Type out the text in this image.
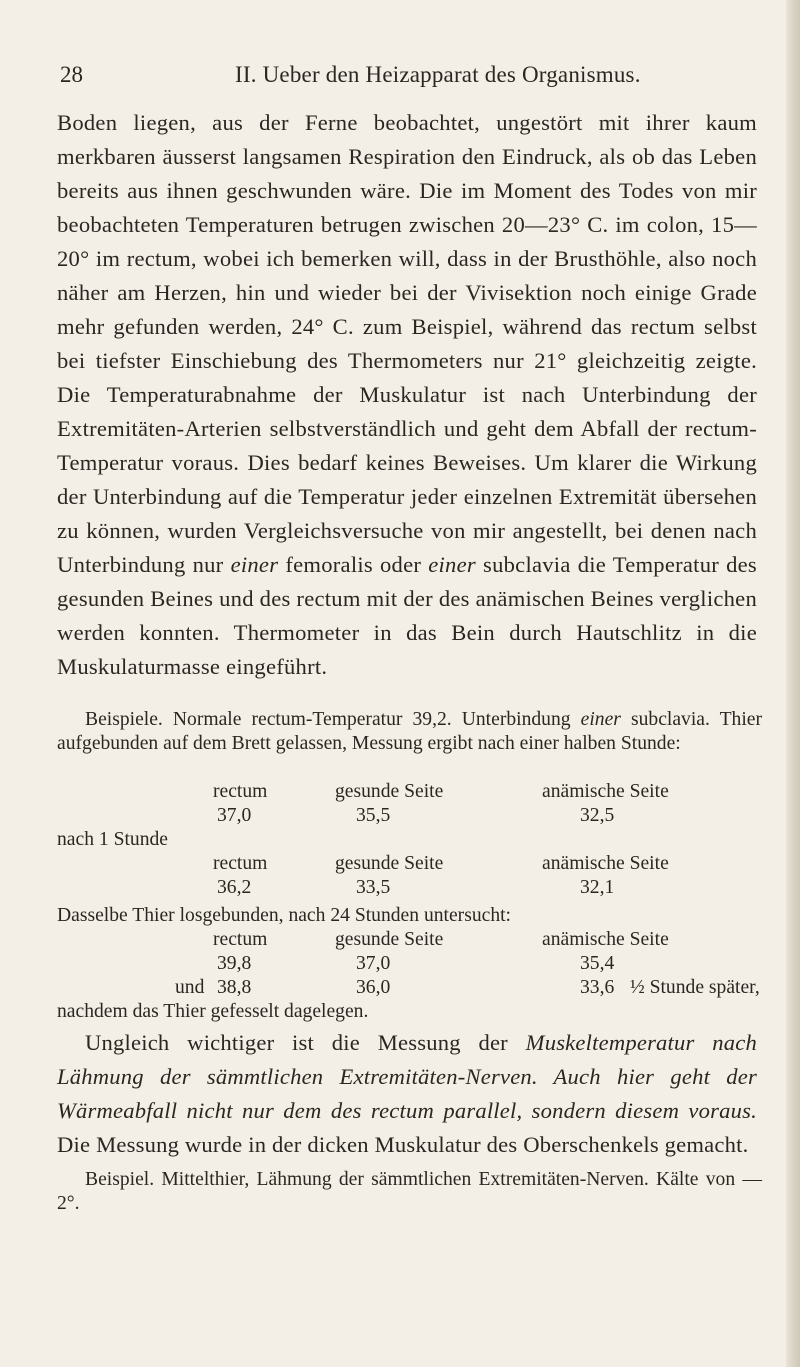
28	II. Ueber den Heizapparat des Organismus.

Boden liegen, aus der Ferne beobachtet, ungestört mit ihrer kaum merkbaren äusserst langsamen Respiration den Eindruck, als ob das Leben bereits aus ihnen geschwunden wäre. Die im Moment des Todes von mir beobachteten Temperaturen betrugen zwischen 20—23° C. im colon, 15—20° im rectum, wobei ich bemerken will, dass in der Brusthöhle, also noch näher am Herzen, hin und wieder bei der Vivisektion noch einige Grade mehr gefunden werden, 24° C. zum Beispiel, während das rectum selbst bei tiefster Einschiebung des Thermometers nur 21° gleichzeitig zeigte. Die Temperaturabnahme der Muskulatur ist nach Unterbindung der Extremitäten-Arterien selbstverständlich und geht dem Abfall der rectum-Temperatur voraus. Dies bedarf keines Beweises. Um klarer die Wirkung der Unterbindung auf die Temperatur jeder einzelnen Extremität übersehen zu können, wurden Vergleichsversuche von mir angestellt, bei denen nach Unterbindung nur einer femoralis oder einer subclavia die Temperatur des gesunden Beines und des rectum mit der des anämischen Beines verglichen werden konnten. Thermometer in das Bein durch Hautschlitz in die Muskulaturmasse eingeführt.

Beispiele. Normale rectum-Temperatur 39,2. Unterbindung einer subclavia. Thier aufgebunden auf dem Brett gelassen, Messung ergibt nach einer halben Stunde:
rectum	gesunde Seite	anämische Seite
37,0	35,5	32,5
nach 1 Stunde
rectum	gesunde Seite	anämische Seite
36,2	33,5	32,1
Dasselbe Thier losgebunden, nach 24 Stunden untersucht:
rectum	gesunde Seite	anämische Seite
39,8	37,0	35,4
und 38,8	36,0	33,6 ½ Stunde später,
nachdem das Thier gefesselt dagelegen.

Ungleich wichtiger ist die Messung der Muskeltemperatur nach Lähmung der sämmtlichen Extremitäten-Nerven. Auch hier geht der Wärmeabfall nicht nur dem des rectum parallel, sondern diesem voraus. Die Messung wurde in der dicken Muskulatur des Oberschenkels gemacht.

Beispiel. Mittelthier, Lähmung der sämmtlichen Extremitäten-Nerven. Kälte von —2°.
